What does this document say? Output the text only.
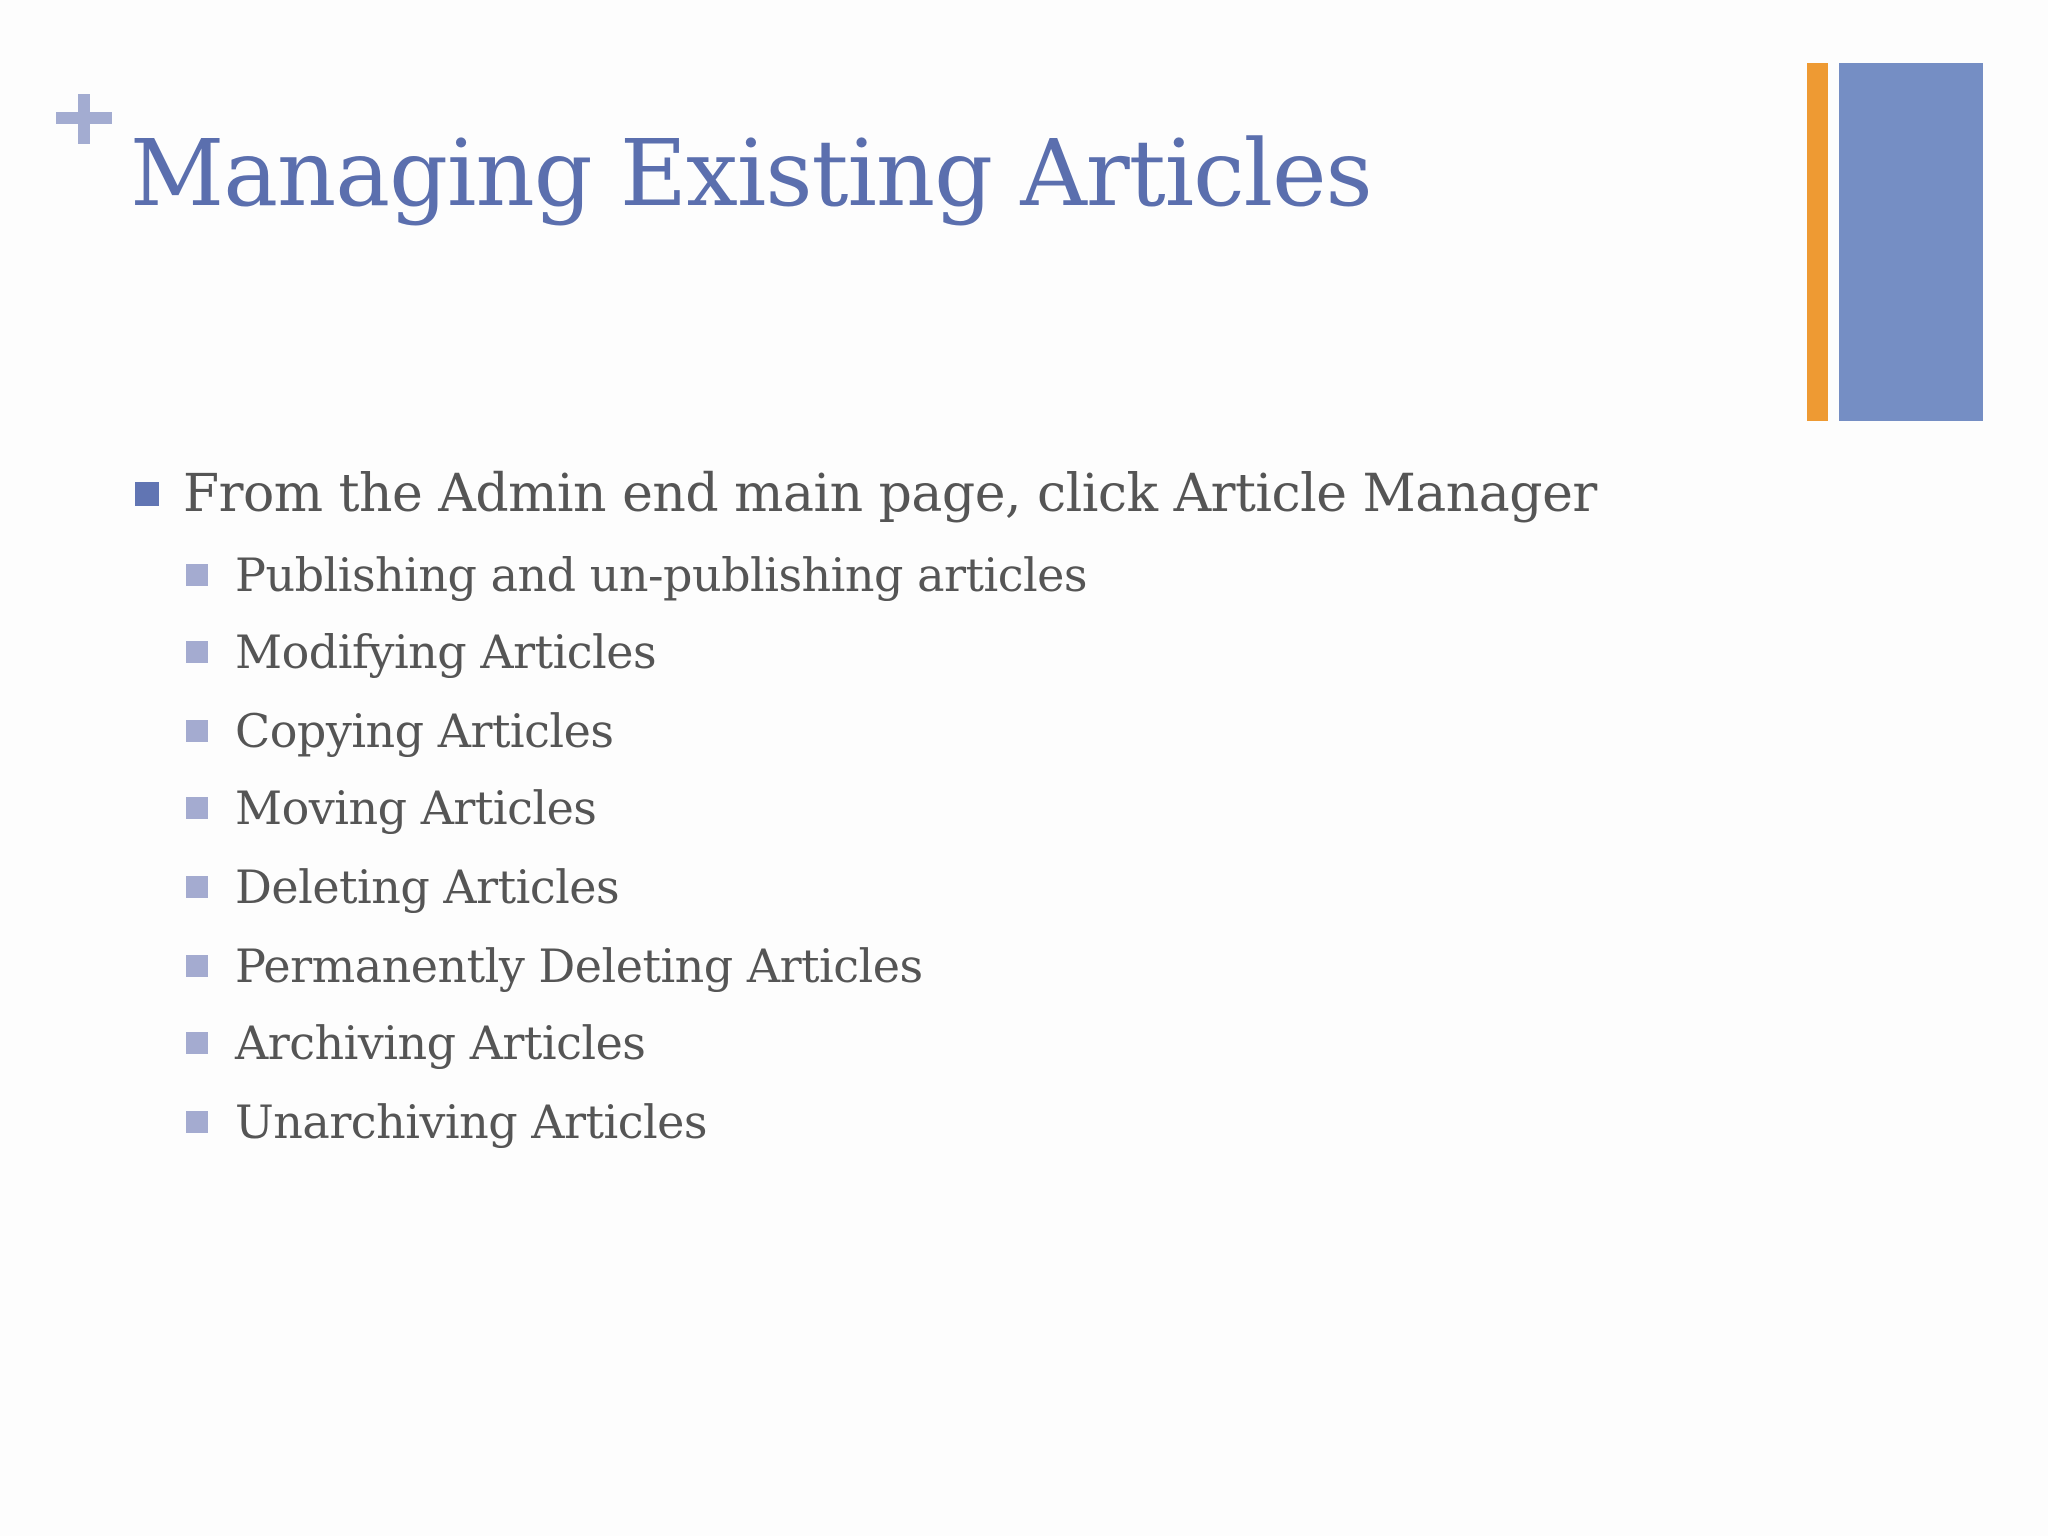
Managing Existing Articles
From the Admin end main page, click Article Manager
Publishing and un-publishing articles
Modifying Articles
Copying Articles
Moving Articles
Deleting Articles
Permanently Deleting Articles
Archiving Articles
Unarchiving Articles
